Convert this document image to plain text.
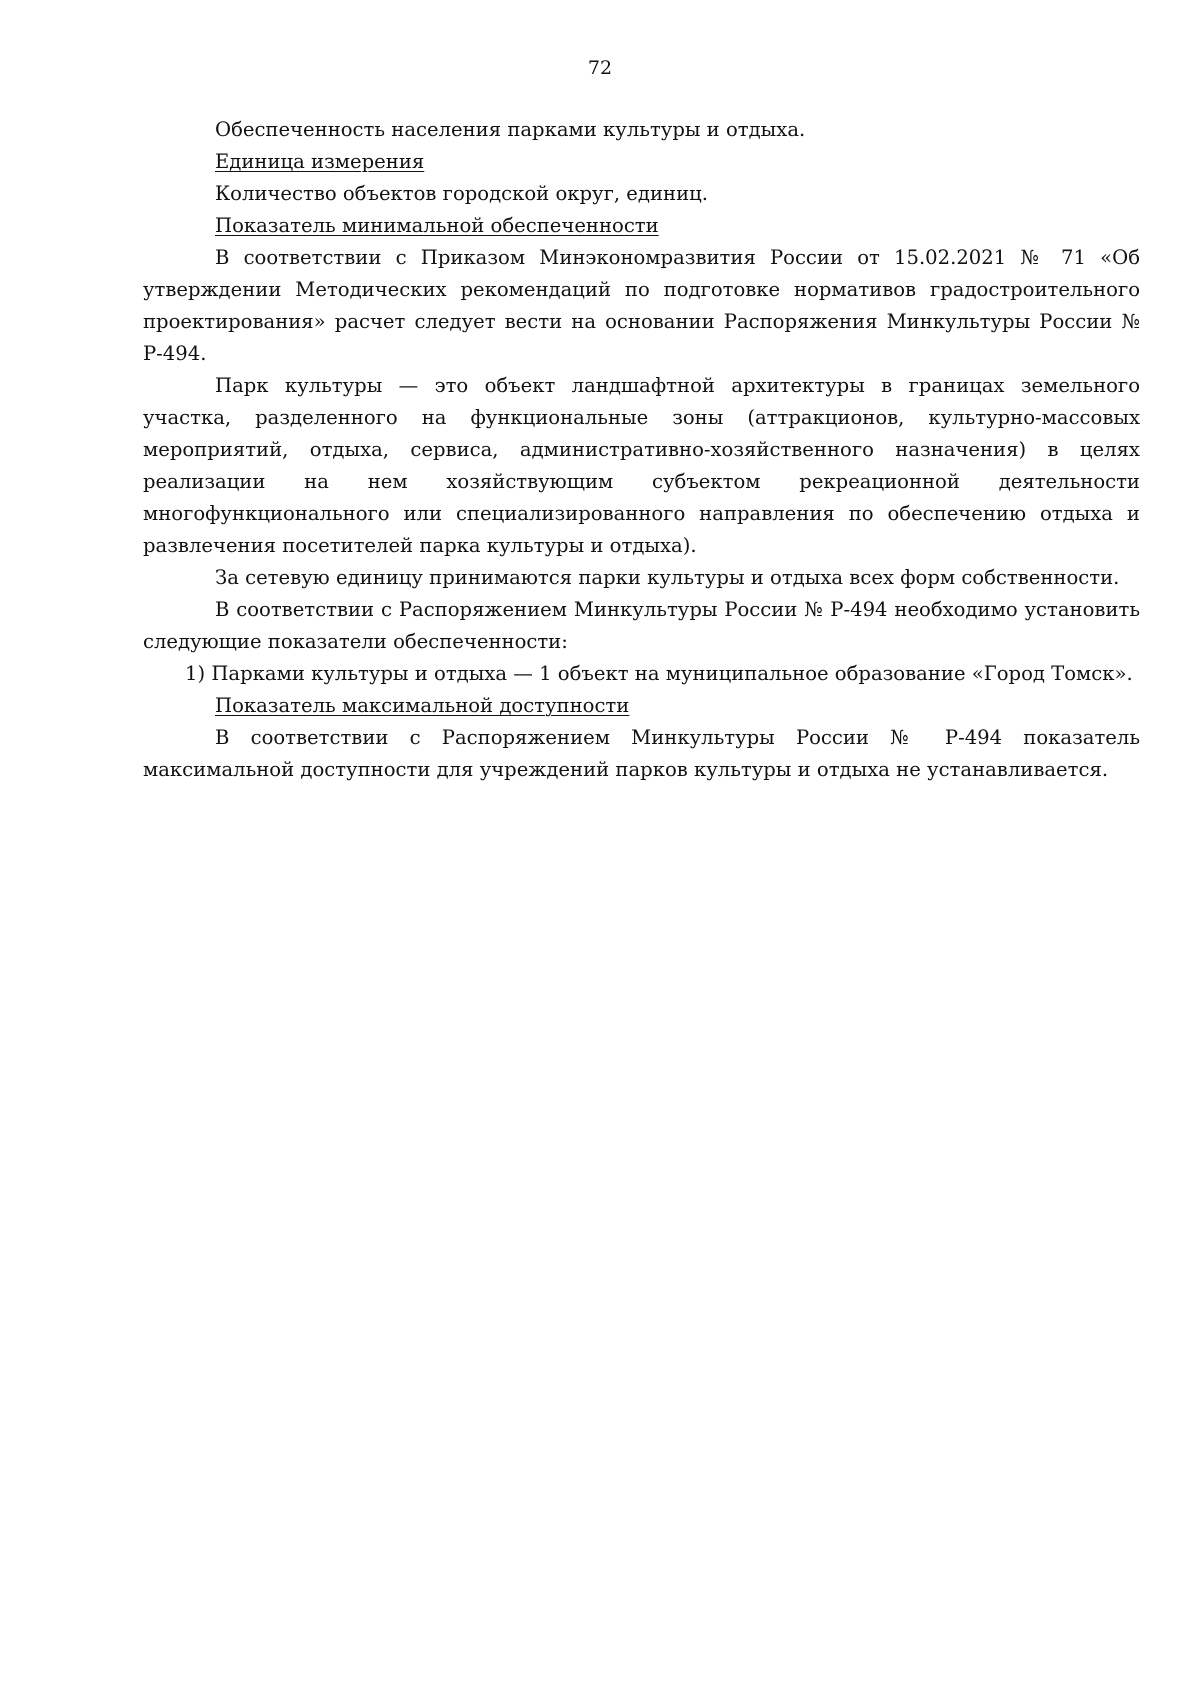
72

Обеспеченность населения парками культуры и отдыха.

Единица измерения

Количество объектов городской округ, единиц.

Показатель минимальной обеспеченности

В соответствии с Приказом Минэкономразвития России от 15.02.2021 № 71 «Об утверждении Методических рекомендаций по подготовке нормативов градостроительного проектирования» расчет следует вести на основании Распоряжения Минкультуры России № Р-494.

Парк культуры — это объект ландшафтной архитектуры в границах земельного участка, разделенного на функциональные зоны (аттракционов, культурно-массовых мероприятий, отдыха, сервиса, административно-хозяйственного назначения) в целях реализации на нем хозяйствующим субъектом рекреационной деятельности многофункционального или специализированного направления по обеспечению отдыха и развлечения посетителей парка культуры и отдыха).

За сетевую единицу принимаются парки культуры и отдыха всех форм собственности.

В соответствии с Распоряжением Минкультуры России № Р-494 необходимо установить следующие показатели обеспеченности:

1) Парками культуры и отдыха — 1 объект на муниципальное образование «Город Томск».

Показатель максимальной доступности

В соответствии с Распоряжением Минкультуры России № Р-494 показатель максимальной доступности для учреждений парков культуры и отдыха не устанавливается.
